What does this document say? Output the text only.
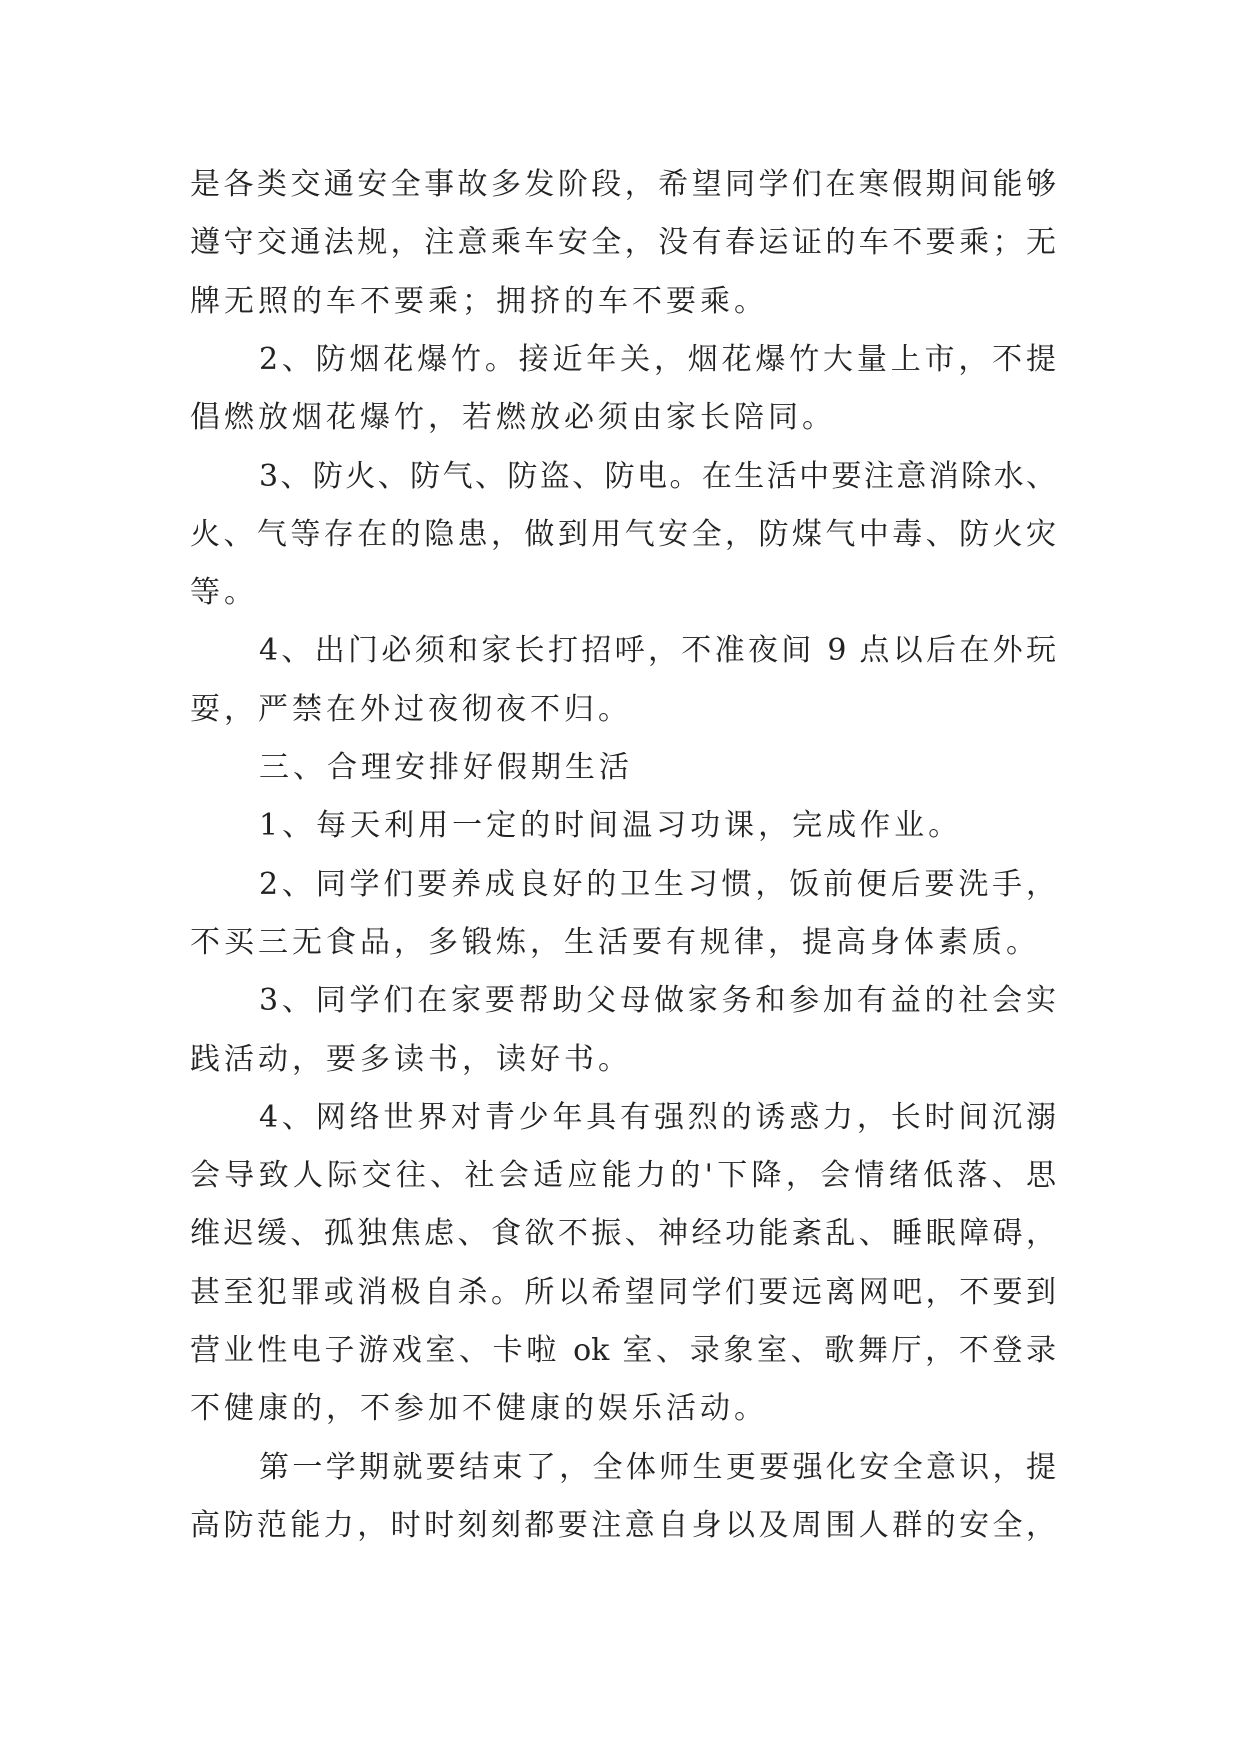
是各类交通安全事故多发阶段，希望同学们在寒假期间能够
遵守交通法规，注意乘车安全，没有春运证的车不要乘；无
牌无照的车不要乘；拥挤的车不要乘。
2、防烟花爆竹。接近年关，烟花爆竹大量上市，不提
倡燃放烟花爆竹，若燃放必须由家长陪同。
3、防火、防气、防盗、防电。在生活中要注意消除水、
火、气等存在的隐患，做到用气安全，防煤气中毒、防火灾
等。
4、出门必须和家长打招呼，不准夜间 9 点以后在外玩
耍，严禁在外过夜彻夜不归。
三、合理安排好假期生活
1、每天利用一定的时间温习功课，完成作业。
2、同学们要养成良好的卫生习惯，饭前便后要洗手，
不买三无食品，多锻炼，生活要有规律，提高身体素质。
3、同学们在家要帮助父母做家务和参加有益的社会实
践活动，要多读书，读好书。
4、网络世界对青少年具有强烈的诱惑力，长时间沉溺
会导致人际交往、社会适应能力的'下降，会情绪低落、思
维迟缓、孤独焦虑、食欲不振、神经功能紊乱、睡眠障碍，
甚至犯罪或消极自杀。所以希望同学们要远离网吧，不要到
营业性电子游戏室、卡啦 ok 室、录象室、歌舞厅，不登录
不健康的，不参加不健康的娱乐活动。
第一学期就要结束了，全体师生更要强化安全意识，提
高防范能力，时时刻刻都要注意自身以及周围人群的安全，
